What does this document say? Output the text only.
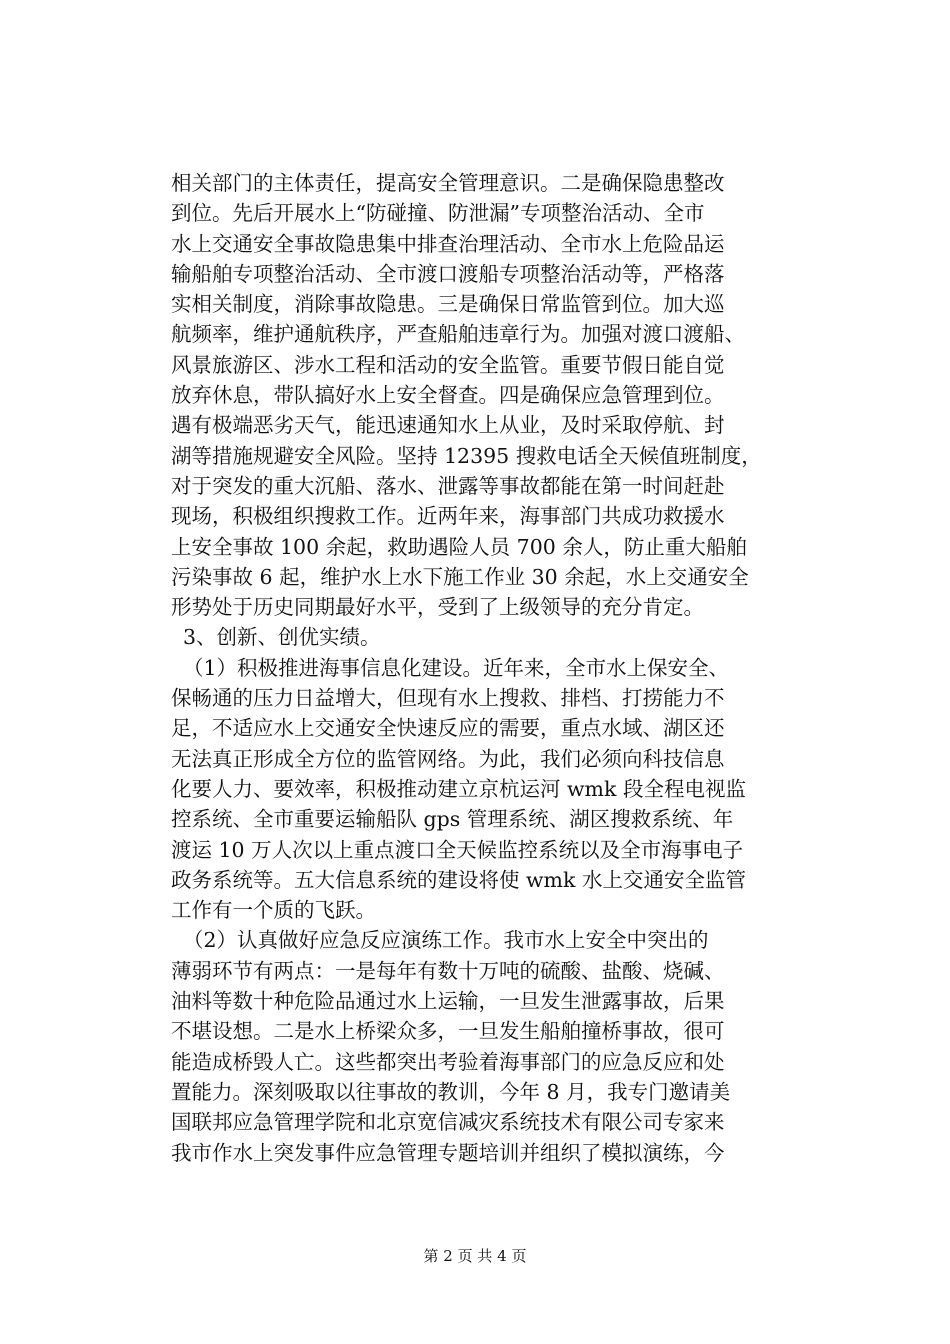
相关部门的主体责任，提高安全管理意识。二是确保隐患整改
到位。先后开展水上“防碰撞、防泄漏”专项整治活动、全市
水上交通安全事故隐患集中排查治理活动、全市水上危险品运
输船舶专项整治活动、全市渡口渡船专项整治活动等，严格落
实相关制度，消除事故隐患。三是确保日常监管到位。加大巡
航频率，维护通航秩序，严查船舶违章行为。加强对渡口渡船、
风景旅游区、涉水工程和活动的安全监管。重要节假日能自觉
放弃休息，带队搞好水上安全督查。四是确保应急管理到位。
遇有极端恶劣天气，能迅速通知水上从业，及时采取停航、封
湖等措施规避安全风险。坚持 12395 搜救电话全天候值班制度，
对于突发的重大沉船、落水、泄露等事故都能在第一时间赶赴
现场，积极组织搜救工作。近两年来，海事部门共成功救援水
上安全事故 100 余起，救助遇险人员 700 余人，防止重大船舶
污染事故 6 起，维护水上水下施工作业 30 余起，水上交通安全
形势处于历史同期最好水平，受到了上级领导的充分肯定。
3、创新、创优实绩。
（1）积极推进海事信息化建设。近年来，全市水上保安全、
保畅通的压力日益增大，但现有水上搜救、排档、打捞能力不
足，不适应水上交通安全快速反应的需要，重点水域、湖区还
无法真正形成全方位的监管网络。为此，我们必须向科技信息
化要人力、要效率，积极推动建立京杭运河 wmk 段全程电视监
控系统、全市重要运输船队 gps 管理系统、湖区搜救系统、年
渡运 10 万人次以上重点渡口全天候监控系统以及全市海事电子
政务系统等。五大信息系统的建设将使 wmk 水上交通安全监管
工作有一个质的飞跃。
（2）认真做好应急反应演练工作。我市水上安全中突出的
薄弱环节有两点：一是每年有数十万吨的硫酸、盐酸、烧碱、
油料等数十种危险品通过水上运输，一旦发生泄露事故，后果
不堪设想。二是水上桥梁众多，一旦发生船舶撞桥事故，很可
能造成桥毁人亡。这些都突出考验着海事部门的应急反应和处
置能力。深刻吸取以往事故的教训，今年 8 月，我专门邀请美
国联邦应急管理学院和北京宽信减灾系统技术有限公司专家来
我市作水上突发事件应急管理专题培训并组织了模拟演练，今
第 2 页 共 4 页
